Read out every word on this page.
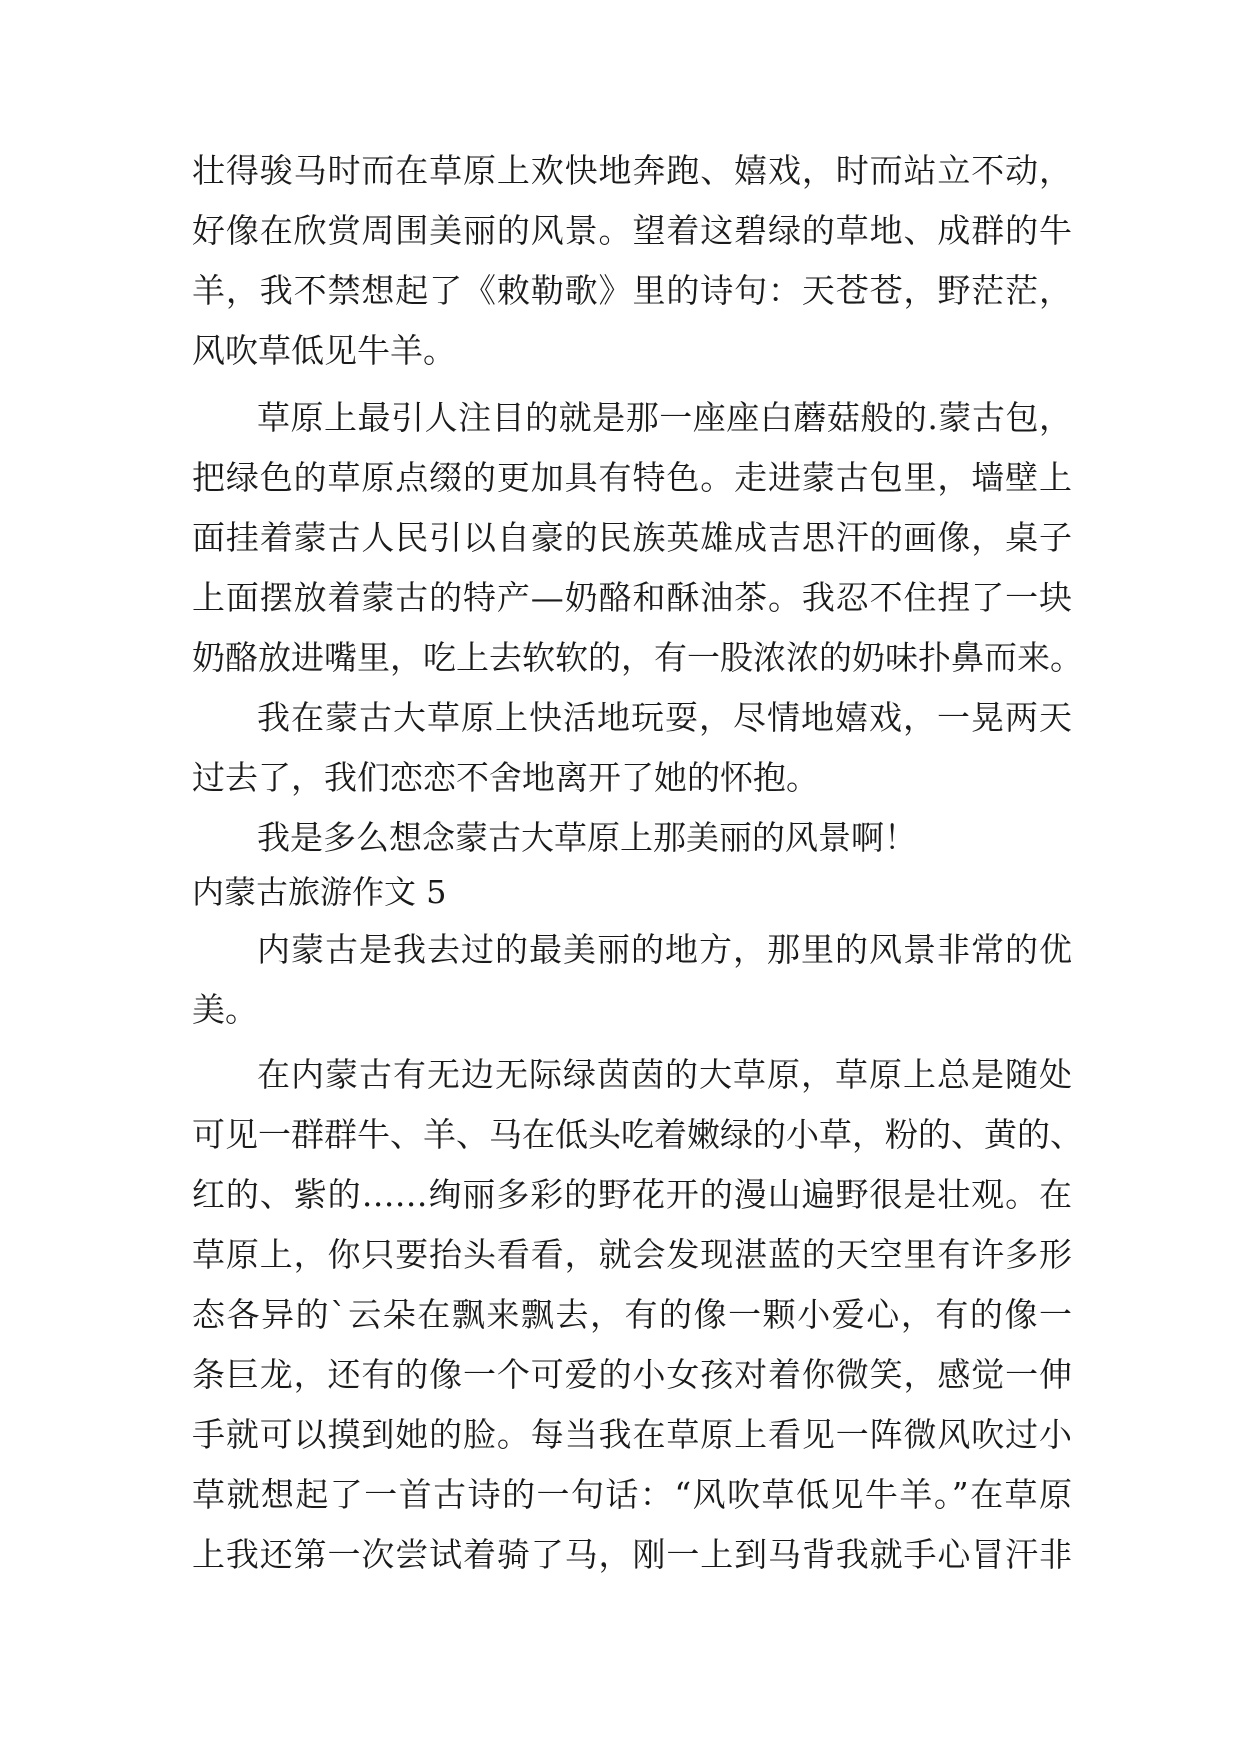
壮得骏马时而在草原上欢快地奔跑、嬉戏，时而站立不动，
好像在欣赏周围美丽的风景。望着这碧绿的草地、成群的牛
羊，我不禁想起了《敕勒歌》里的诗句：天苍苍，野茫茫，
风吹草低见牛羊。
草原上最引人注目的就是那一座座白蘑菇般的.蒙古包，
把绿色的草原点缀的更加具有特色。走进蒙古包里，墙壁上
面挂着蒙古人民引以自豪的民族英雄成吉思汗的画像，桌子
上面摆放着蒙古的特产—奶酪和酥油茶。我忍不住捏了一块
奶酪放进嘴里，吃上去软软的，有一股浓浓的奶味扑鼻而来。
我在蒙古大草原上快活地玩耍，尽情地嬉戏，一晃两天
过去了，我们恋恋不舍地离开了她的怀抱。
我是多么想念蒙古大草原上那美丽的风景啊！
内蒙古旅游作文 5
内蒙古是我去过的最美丽的地方，那里的风景非常的优
美。
在内蒙古有无边无际绿茵茵的大草原，草原上总是随处
可见一群群牛、羊、马在低头吃着嫩绿的小草，粉的、黄的、
红的、紫的……绚丽多彩的野花开的漫山遍野很是壮观。在
草原上，你只要抬头看看，就会发现湛蓝的天空里有许多形
态各异的`云朵在飘来飘去，有的像一颗小爱心，有的像一
条巨龙，还有的像一个可爱的小女孩对着你微笑，感觉一伸
手就可以摸到她的脸。每当我在草原上看见一阵微风吹过小
草就想起了一首古诗的一句话：“风吹草低见牛羊。”在草原
上我还第一次尝试着骑了马，刚一上到马背我就手心冒汗非
